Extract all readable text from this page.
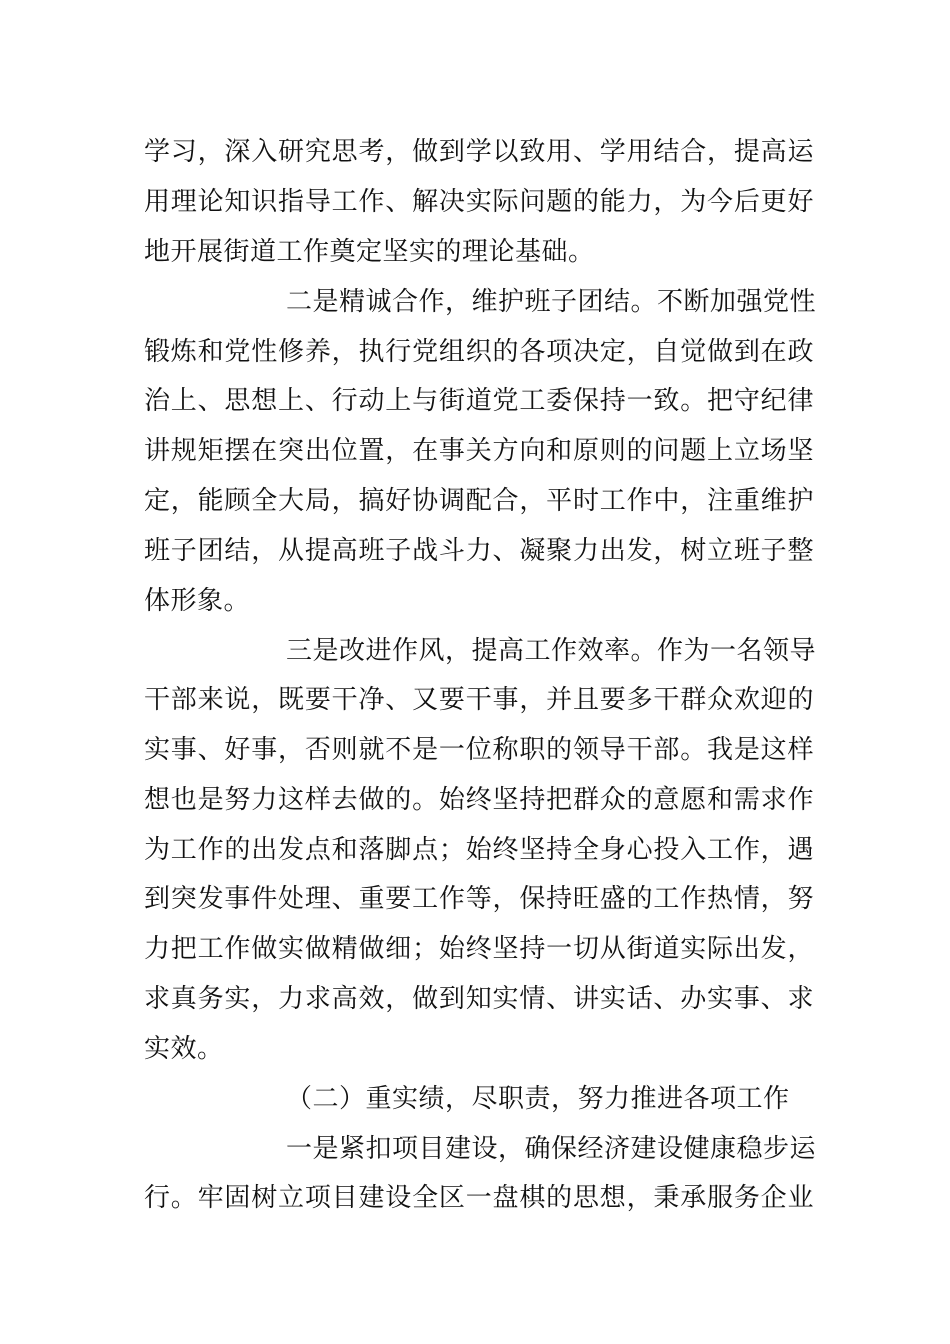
学习，深入研究思考，做到学以致用、学用结合，提高运
用理论知识指导工作、解决实际问题的能力，为今后更好
地开展街道工作奠定坚实的理论基础。
二是精诚合作，维护班子团结。不断加强党性
锻炼和党性修养，执行党组织的各项决定，自觉做到在政
治上、思想上、行动上与街道党工委保持一致。把守纪律
讲规矩摆在突出位置，在事关方向和原则的问题上立场坚
定，能顾全大局，搞好协调配合，平时工作中，注重维护
班子团结，从提高班子战斗力、凝聚力出发，树立班子整
体形象。
三是改进作风，提高工作效率。作为一名领导
干部来说，既要干净、又要干事，并且要多干群众欢迎的
实事、好事，否则就不是一位称职的领导干部。我是这样
想也是努力这样去做的。始终坚持把群众的意愿和需求作
为工作的出发点和落脚点；始终坚持全身心投入工作，遇
到突发事件处理、重要工作等，保持旺盛的工作热情，努
力把工作做实做精做细；始终坚持一切从街道实际出发，
求真务实，力求高效，做到知实情、讲实话、办实事、求
实效。
（二）重实绩，尽职责，努力推进各项工作
一是紧扣项目建设，确保经济建设健康稳步运
行。牢固树立项目建设全区一盘棋的思想，秉承服务企业
